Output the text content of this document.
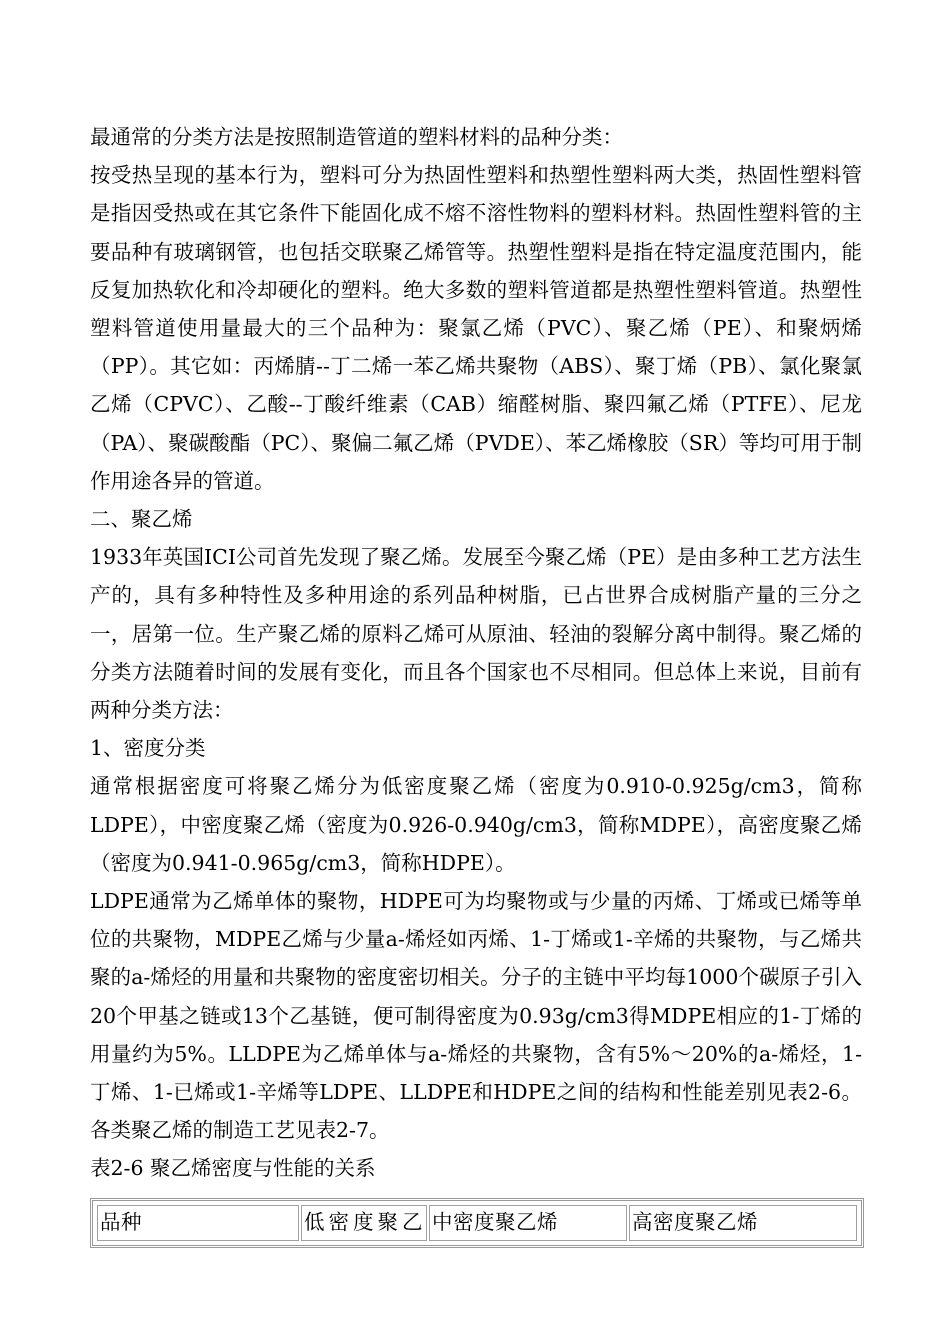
最通常的分类方法是按照制造管道的塑料材料的品种分类：

按受热呈现的基本行为，塑料可分为热固性塑料和热塑性塑料两大类，热固性塑料管是指因受热或在其它条件下能固化成不熔不溶性物料的塑料材料。热固性塑料管的主要品种有玻璃钢管，也包括交联聚乙烯管等。热塑性塑料是指在特定温度范围内，能反复加热软化和冷却硬化的塑料。绝大多数的塑料管道都是热塑性塑料管道。热塑性塑料管道使用量最大的三个品种为：聚氯乙烯（PVC）、聚乙烯（PE）、和聚炳烯（PP）。其它如：丙烯腈--丁二烯一苯乙烯共聚物（ABS）、聚丁烯（PB）、氯化聚氯乙烯（CPVC）、乙酸--丁酸纤维素（CAB）缩醛树脂、聚四氟乙烯（PTFE）、尼龙（PA）、聚碳酸酯（PC）、聚偏二氟乙烯（PVDE）、苯乙烯橡胶（SR）等均可用于制作用途各异的管道。

二、聚乙烯

1933年英国ICI公司首先发现了聚乙烯。发展至今聚乙烯（PE）是由多种工艺方法生产的，具有多种特性及多种用途的系列品种树脂，已占世界合成树脂产量的三分之一，居第一位。生产聚乙烯的原料乙烯可从原油、轻油的裂解分离中制得。聚乙烯的分类方法随着时间的发展有变化，而且各个国家也不尽相同。但总体上来说，目前有两种分类方法：

1、密度分类

通常根据密度可将聚乙烯分为低密度聚乙烯（密度为0.910-0.925g/cm3，简称LDPE），中密度聚乙烯（密度为0.926-0.940g/cm3，简称MDPE），高密度聚乙烯（密度为0.941-0.965g/cm3，简称HDPE）。

LDPE通常为乙烯单体的聚物，HDPE可为均聚物或与少量的丙烯、丁烯或已烯等单位的共聚物，MDPE乙烯与少量a-烯烃如丙烯、1-丁烯或1-辛烯的共聚物，与乙烯共聚的a-烯烃的用量和共聚物的密度密切相关。分子的主链中平均每1000个碳原子引入20个甲基之链或13个乙基链，便可制得密度为0.93g/cm3得MDPE相应的1-丁烯的用量约为5%。LLDPE为乙烯单体与a-烯烃的共聚物，含有5%～20%的a-烯烃，1-丁烯、1-已烯或1-辛烯等LDPE、LLDPE和HDPE之间的结构和性能差别见表2-6。各类聚乙烯的制造工艺见表2-7。

表2-6 聚乙烯密度与性能的关系

品种	低密度聚乙	中密度聚乙烯	高密度聚乙烯
